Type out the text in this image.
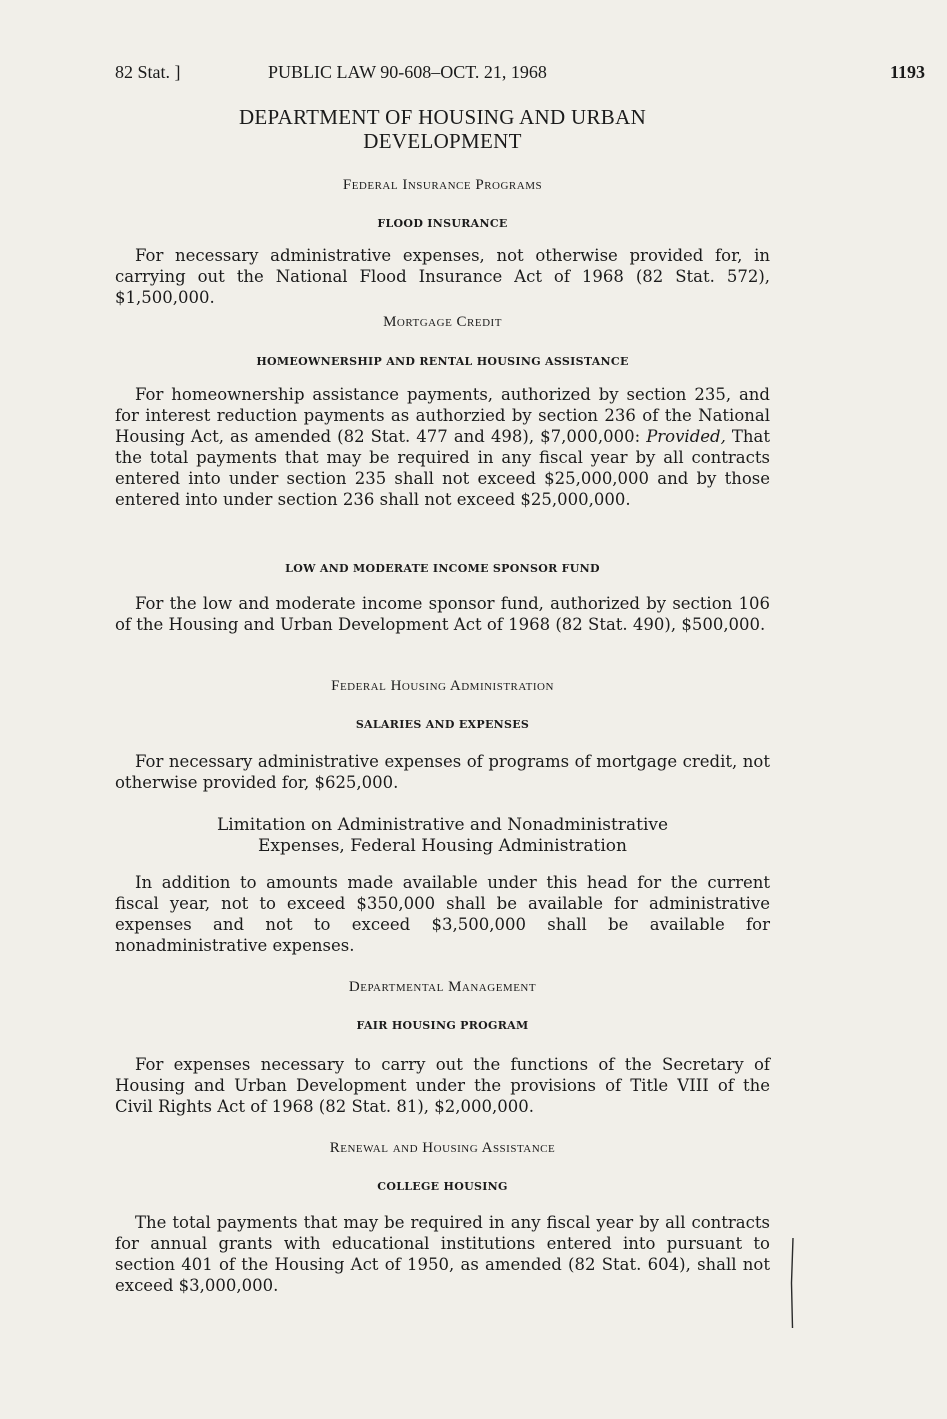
82 Stat. ]	PUBLIC LAW 90-608–OCT. 21, 1968	1193
DEPARTMENT OF HOUSING AND URBAN
DEVELOPMENT
Federal Insurance Programs
FLOOD INSURANCE

For necessary administrative expenses, not otherwise provided for, in carrying out the National Flood Insurance Act of 1968 (82 Stat. 572), $1,500,000.

Mortgage Credit
HOMEOWNERSHIP AND RENTAL HOUSING ASSISTANCE

For homeownership assistance payments, authorized by section 235, and for interest reduction payments as authorzied by section 236 of the National Housing Act, as amended (82 Stat. 477 and 498), $7,000,000: Provided, That the total payments that may be required in any fiscal year by all contracts entered into under section 235 shall not exceed $25,000,000 and by those entered into under section 236 shall not exceed $25,000,000.

LOW AND MODERATE INCOME SPONSOR FUND

For the low and moderate income sponsor fund, authorized by section 106 of the Housing and Urban Development Act of 1968 (82 Stat. 490), $500,000.

Federal Housing Administration
SALARIES AND EXPENSES

For necessary administrative expenses of programs of mortgage credit, not otherwise provided for, $625,000.

Limitation on Administrative and Nonadministrative
Expenses, Federal Housing Administration

In addition to amounts made available under this head for the current fiscal year, not to exceed $350,000 shall be available for administrative expenses and not to exceed $3,500,000 shall be available for nonadministrative expenses.

Departmental Management
FAIR HOUSING PROGRAM

For expenses necessary to carry out the functions of the Secretary of Housing and Urban Development under the provisions of Title VIII of the Civil Rights Act of 1968 (82 Stat. 81), $2,000,000.

Renewal and Housing Assistance
COLLEGE HOUSING

The total payments that may be required in any fiscal year by all contracts for annual grants with educational institutions entered into pursuant to section 401 of the Housing Act of 1950, as amended (82 Stat. 604), shall not exceed $3,000,000.
